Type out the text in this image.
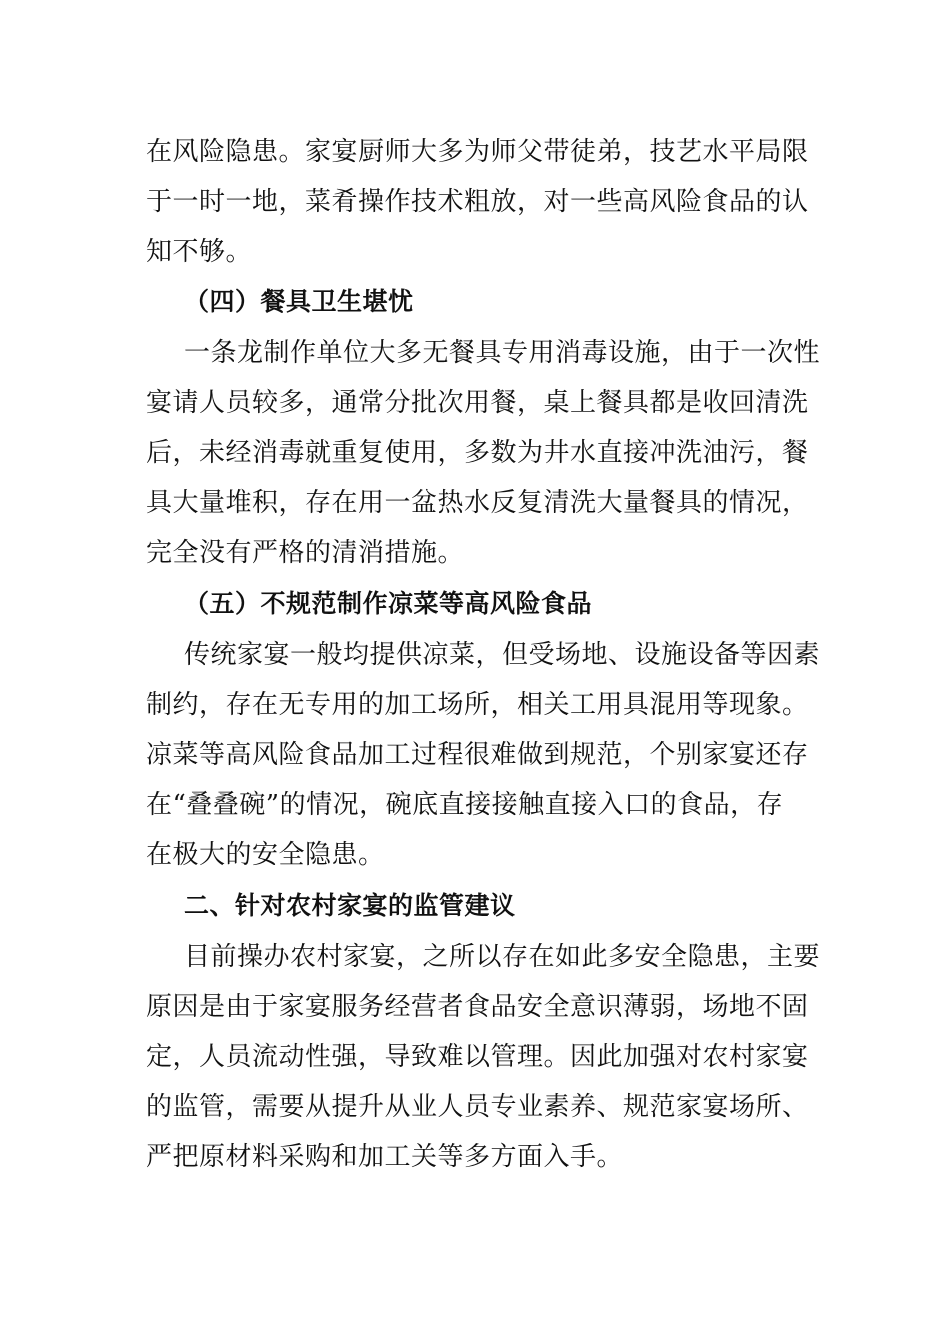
在风险隐患。家宴厨师大多为师父带徒弟，技艺水平局限
于一时一地，菜肴操作技术粗放，对一些高风险食品的认
知不够。
（四）餐具卫生堪忧
一条龙制作单位大多无餐具专用消毒设施，由于一次性
宴请人员较多，通常分批次用餐，桌上餐具都是收回清洗
后，未经消毒就重复使用，多数为井水直接冲洗油污，餐
具大量堆积，存在用一盆热水反复清洗大量餐具的情况，
完全没有严格的清消措施。
（五）不规范制作凉菜等高风险食品
传统家宴一般均提供凉菜，但受场地、设施设备等因素
制约，存在无专用的加工场所，相关工用具混用等现象。
凉菜等高风险食品加工过程很难做到规范，个别家宴还存
在“叠叠碗”的情况，碗底直接接触直接入口的食品，存
在极大的安全隐患。
二、针对农村家宴的监管建议
目前操办农村家宴，之所以存在如此多安全隐患，主要
原因是由于家宴服务经营者食品安全意识薄弱，场地不固
定，人员流动性强，导致难以管理。因此加强对农村家宴
的监管，需要从提升从业人员专业素养、规范家宴场所、
严把原材料采购和加工关等多方面入手。
